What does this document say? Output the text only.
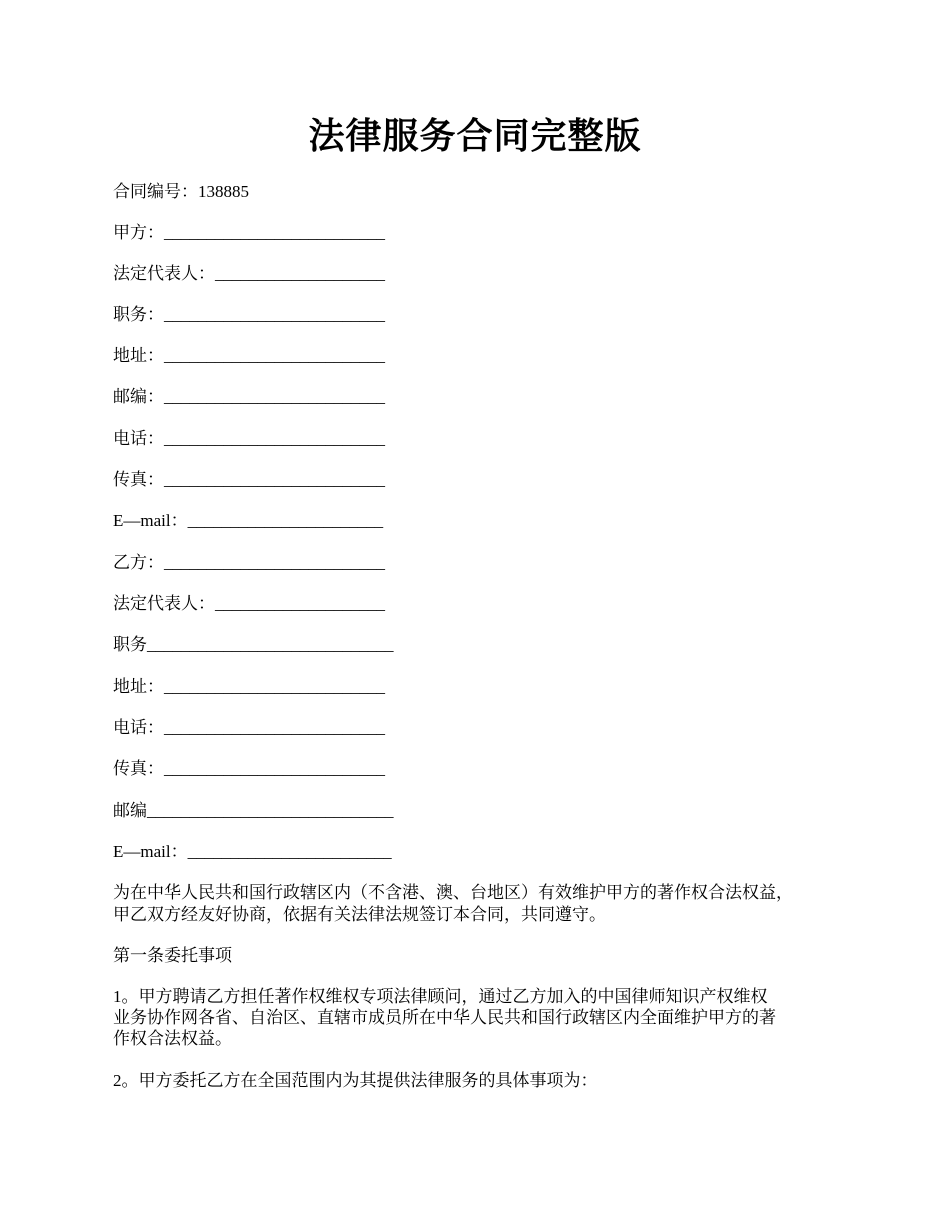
法律服务合同完整版
合同编号：138885
甲方：__________________________
法定代表人：____________________
职务：__________________________
地址：__________________________
邮编：__________________________
电话：__________________________
传真：__________________________
E—mail：_______________________
乙方：__________________________
法定代表人：____________________
职务_____________________________
地址：__________________________
电话：__________________________
传真：__________________________
邮编_____________________________
E—mail：________________________
为在中华人民共和国行政辖区内（不含港、澳、台地区）有效维护甲方的著作权合法权益，
甲乙双方经友好协商，依据有关法律法规签订本合同，共同遵守。
第一条委托事项
1。甲方聘请乙方担任著作权维权专项法律顾问，通过乙方加入的中国律师知识产权维权
业务协作网各省、自治区、直辖市成员所在中华人民共和国行政辖区内全面维护甲方的著
作权合法权益。
2。甲方委托乙方在全国范围内为其提供法律服务的具体事项为：
